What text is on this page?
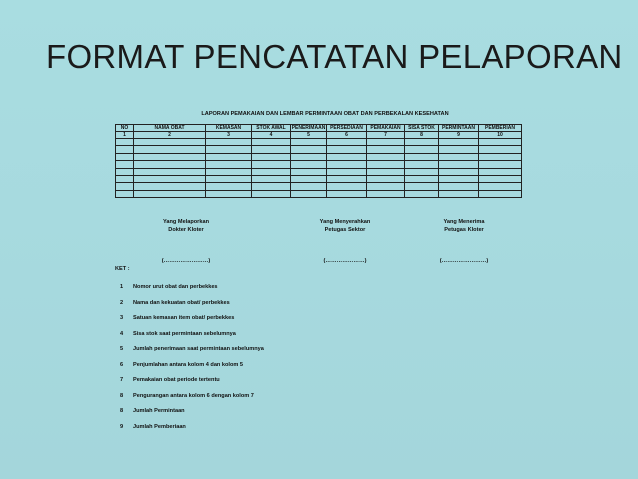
FORMAT PENCATATAN PELAPORAN
LAPORAN PEMAKAIAN DAN LEMBAR PERMINTAAN OBAT DAN PERBEKALAN KESEHATAN
NO	NAMA OBAT	KEMASAN	STOK AWAL	PENERIMAAN	PERSEDIAAN	PEMAKAIAN	SISA STOK	PERMINTAAN	PEMBERIAN
1	2	3	4	5	6	7	8	9	10

Yang Melaporkan
Dokter Kloter
(……………………)
Yang Menyerahkan
Petugas Sektor
(…………………)
Yang Menerima
Petugas Kloter
(……………………)
KET :
1 Nomor urut obat dan perbekkes
2 Nama dan kekuatan obat/ perbekkes
3 Satuan kemasan item obat/ perbekkes
4 Sisa stok saat permintaan sebelumnya
5 Jumlah penerimaan saat permintaan sebelumnya
6 Penjumlahan antara kolom 4 dan kolom 5
7 Pemakaian obat periode tertentu
8 Pengurangan antara kolom 6 dengan kolom 7
8 Jumlah Permintaan
9 Jumlah Pemberiaan
